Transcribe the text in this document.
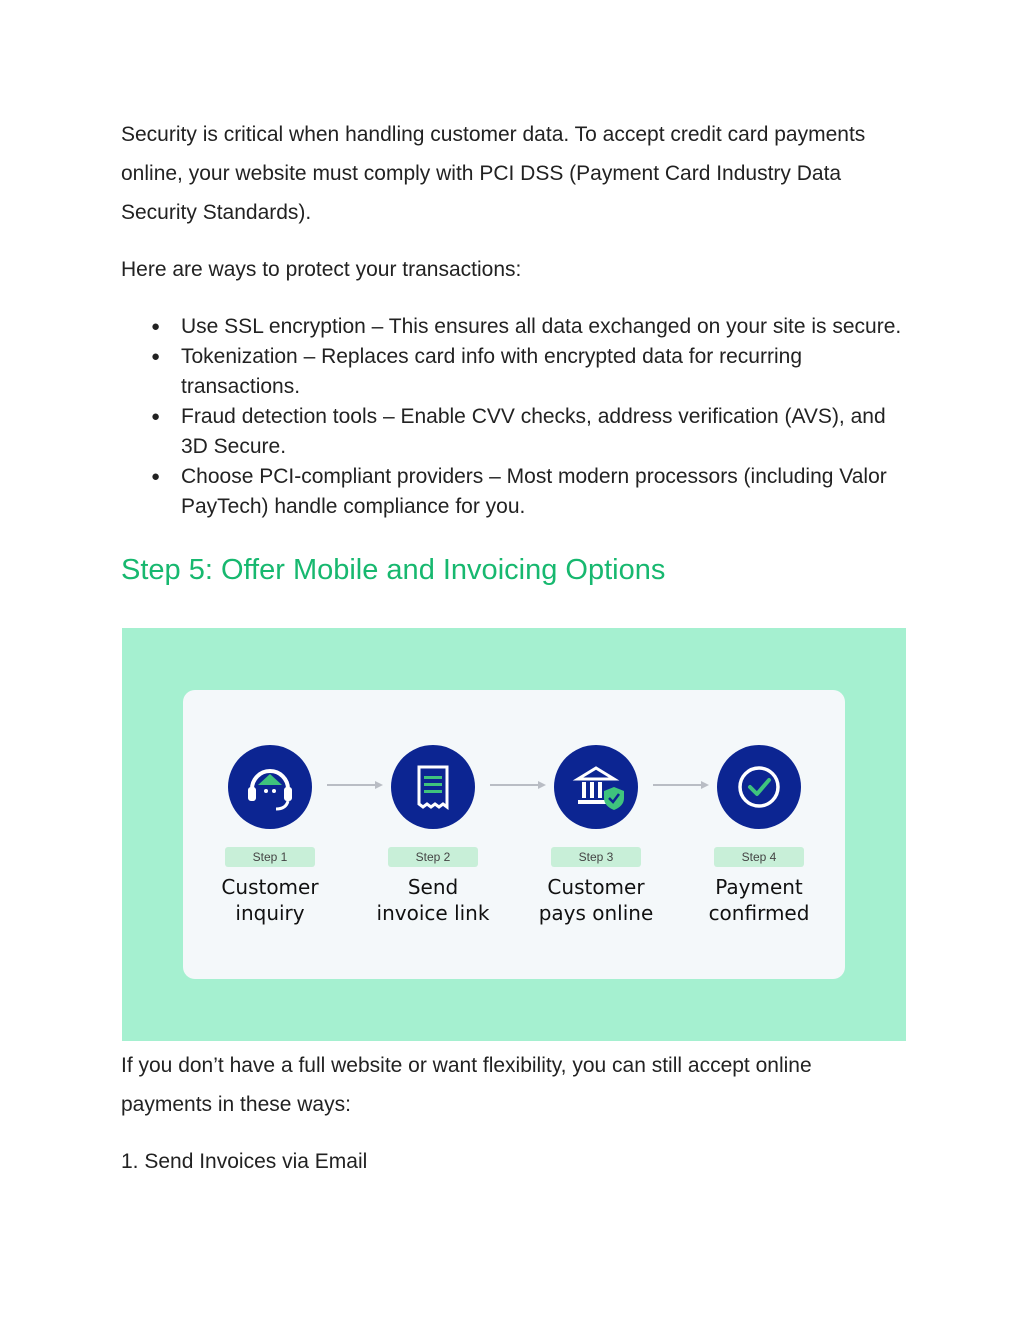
Security is critical when handling customer data. To accept credit card payments online, your website must comply with PCI DSS (Payment Card Industry Data Security Standards).

Here are ways to protect your transactions:

● Use SSL encryption – This ensures all data exchanged on your site is secure.
● Tokenization – Replaces card info with encrypted data for recurring transactions.
● Fraud detection tools – Enable CVV checks, address verification (AVS), and 3D Secure.
● Choose PCI-compliant providers – Most modern processors (including Valor PayTech) handle compliance for you.
Step 5: Offer Mobile and Invoicing Options
Step 1
Customer
inquiry
Step 2
Send
invoice link
Step 3
Customer
pays online
Step 4
Payment
confirmed

If you don’t have a full website or want flexibility, you can still accept online payments in these ways:

1. Send Invoices via Email
